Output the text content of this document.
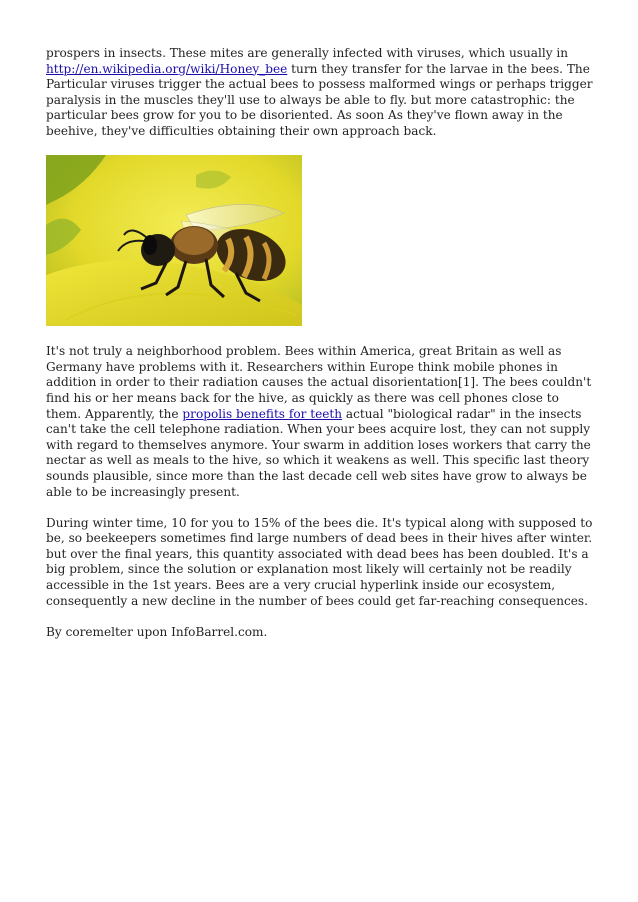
prospers in insects. These mites are generally infected with viruses, which usually in http://en.wikipedia.org/wiki/Honey_bee turn they transfer for the larvae in the bees. The Particular viruses trigger the actual bees to possess malformed wings or perhaps trigger paralysis in the muscles they'll use to always be able to fly. but more catastrophic: the particular bees grow for you to be disoriented. As soon As they've flown away in the beehive, they've difficulties obtaining their own approach back.

It's not truly a neighborhood problem. Bees within America, great Britain as well as Germany have problems with it. Researchers within Europe think mobile phones in addition in order to their radiation causes the actual disorientation[1]. The bees couldn't find his or her means back for the hive, as quickly as there was cell phones close to them. Apparently, the propolis benefits for teeth actual "biological radar" in the insects can't take the cell telephone radiation. When your bees acquire lost, they can not supply with regard to themselves anymore. Your swarm in addition loses workers that carry the nectar as well as meals to the hive, so which it weakens as well. This specific last theory sounds plausible, since more than the last decade cell web sites have grow to always be able to be increasingly present.

During winter time, 10 for you to 15% of the bees die. It's typical along with supposed to be, so beekeepers sometimes find large numbers of dead bees in their hives after winter. but over the final years, this quantity associated with dead bees has been doubled. It's a big problem, since the solution or explanation most likely will certainly not be readily accessible in the 1st years. Bees are a very crucial hyperlink inside our ecosystem, consequently a new decline in the number of bees could get far-reaching consequences.

By coremelter upon InfoBarrel.com.
